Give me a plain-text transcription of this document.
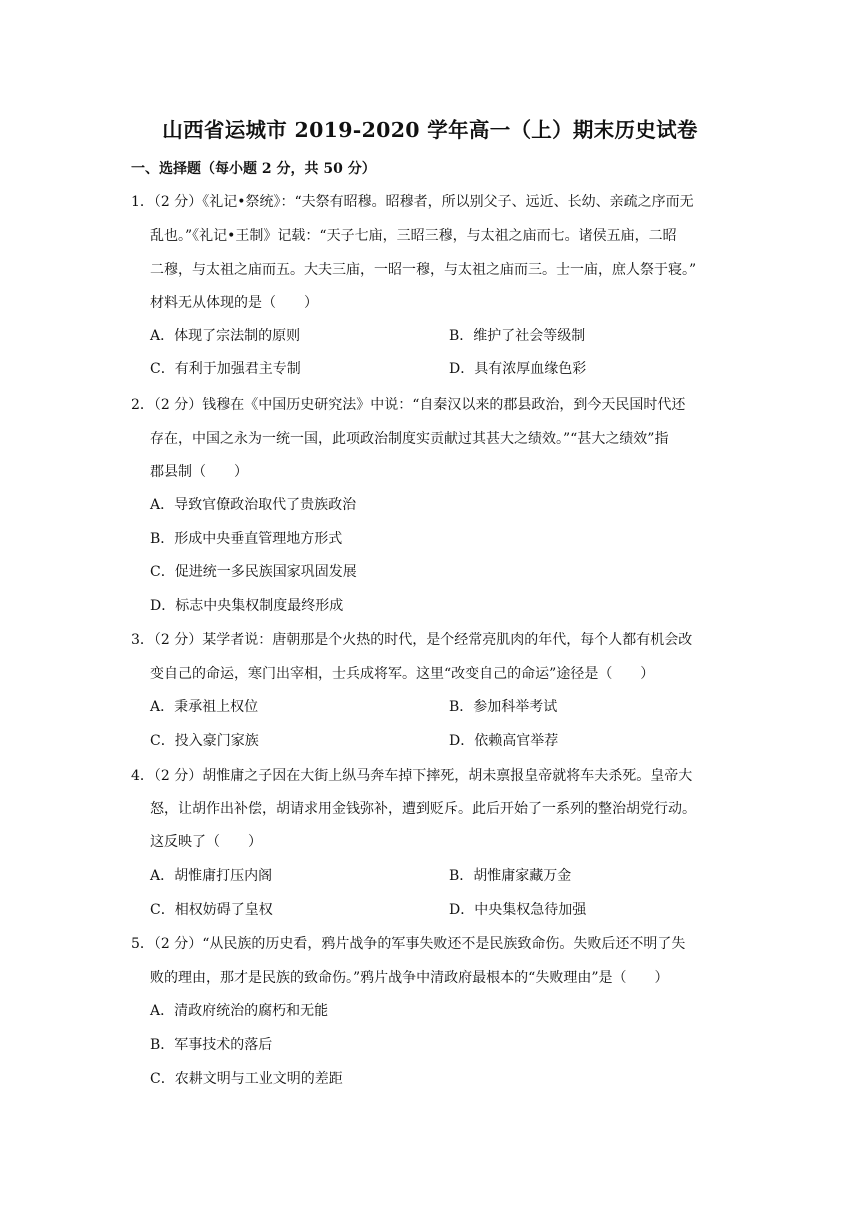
山西省运城市 2019-2020 学年高一（上）期末历史试卷
一、选择题（每小题 2 分，共 50 分）
1．（2 分）《礼记•祭统》：“夫祭有昭穆。昭穆者，所以别父子、远近、长幼、亲疏之序而无
乱也。”《礼记•王制》记载：“天子七庙，三昭三穆，与太祖之庙而七。诸侯五庙，二昭
二穆，与太祖之庙而五。大夫三庙，一昭一穆，与太祖之庙而三。士一庙，庶人祭于寝。”
材料无从体现的是（　　）
A．体现了宗法制的原则	B．维护了社会等级制
C．有利于加强君主专制	D．具有浓厚血缘色彩
2．（2 分）钱穆在《中国历史研究法》中说：“自秦汉以来的郡县政治，到今天民国时代还
存在，中国之永为一统一国，此项政治制度实贡献过其甚大之绩效。”“甚大之绩效”指
郡县制（　　）
A．导致官僚政治取代了贵族政治
B．形成中央垂直管理地方形式
C．促进统一多民族国家巩固发展
D．标志中央集权制度最终形成
3．（2 分）某学者说：唐朝那是个火热的时代，是个经常亮肌肉的年代，每个人都有机会改
变自己的命运，寒门出宰相，士兵成将军。这里“改变自己的命运”途径是（　　）
A．秉承祖上权位	B．参加科举考试
C．投入豪门家族	D．依赖高官举荐
4．（2 分）胡惟庸之子因在大街上纵马奔车掉下摔死，胡未禀报皇帝就将车夫杀死。皇帝大
怒，让胡作出补偿，胡请求用金钱弥补，遭到贬斥。此后开始了一系列的整治胡党行动。
这反映了（　　）
A．胡惟庸打压内阁	B．胡惟庸家藏万金
C．相权妨碍了皇权	D．中央集权急待加强
5．（2 分）“从民族的历史看，鸦片战争的军事失败还不是民族致命伤。失败后还不明了失
败的理由，那才是民族的致命伤。”鸦片战争中清政府最根本的“失败理由”是（　　）
A．清政府统治的腐朽和无能
B．军事技术的落后
C．农耕文明与工业文明的差距
